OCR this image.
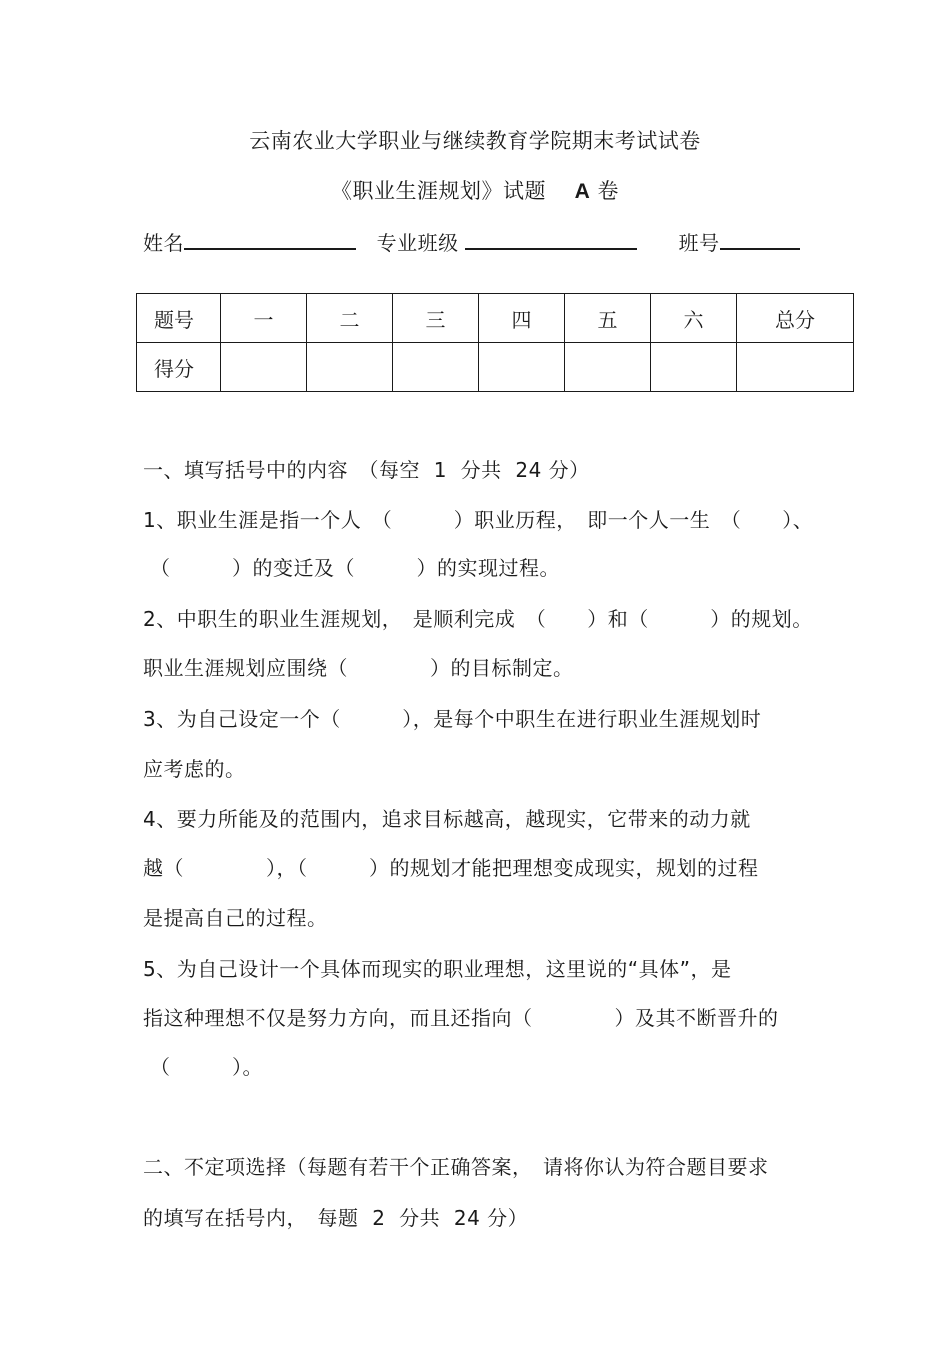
云南农业大学职业与继续教育学院期末考试试卷
《职业生涯规划》试题 A 卷
姓名	专业班级	班号
题号	一	二	三	四	五	六	总分
得分							
一、填写括号中的内容　（每空  1  分共  24 分）
1、职业生涯是指一个人　（　　　）职业历程，　即一个人一生　（　　）、
（　　　）的变迁及（　　　）的实现过程。
2、中职生的职业生涯规划，　是顺利完成　（　　）和（　　　）的规划。
职业生涯规划应围绕（　　　　）的目标制定。
3、为自己设定一个（　　　），是每个中职生在进行职业生涯规划时
应考虑的。
4、要力所能及的范围内，追求目标越高，越现实，它带来的动力就
越（　　　　），（　　　）的规划才能把理想变成现实，规划的过程
是提高自己的过程。
5、为自己设计一个具体而现实的职业理想，这里说的“具体”，是
指这种理想不仅是努力方向，而且还指向（　　　　）及其不断晋升的
（　　　）。
二、不定项选择（每题有若干个正确答案，　请将你认为符合题目要求
的填写在括号内，　每题  2  分共  24 分）
